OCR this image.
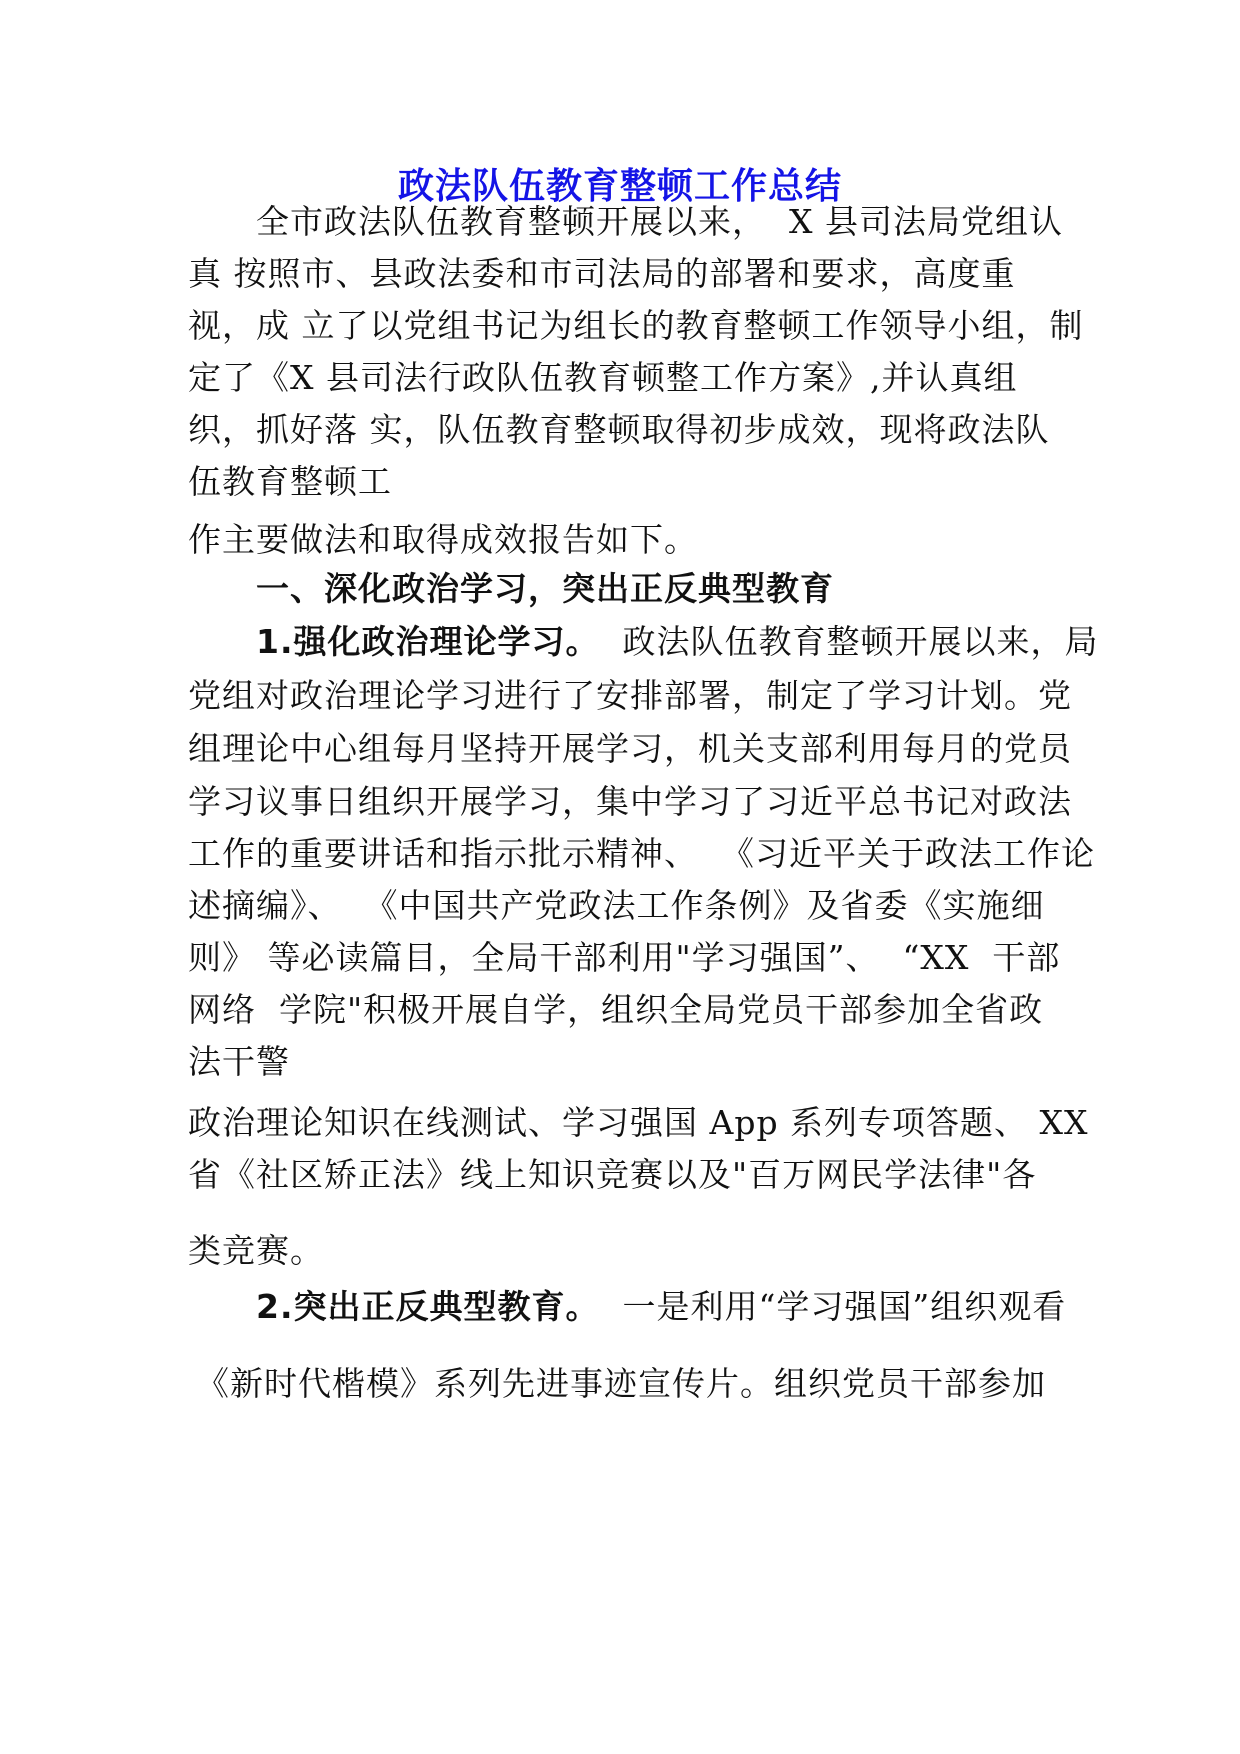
政法队伍教育整顿工作总结
全市政法队伍教育整顿开展以来，  X 县司法局党组认
真 按照市、县政法委和市司法局的部署和要求，高度重
视，成 立了以党组书记为组长的教育整顿工作领导小组，制
定了《X 县司法行政队伍教育顿整工作方案》,并认真组
织，抓好落 实，队伍教育整顿取得初步成效，现将政法队
伍教育整顿工
作主要做法和取得成效报告如下。
一、深化政治学习，突出正反典型教育
1.强化政治理论学习。  政法队伍教育整顿开展以来，局
党组对政治理论学习进行了安排部署，制定了学习计划。党
组理论中心组每月坚持开展学习，机关支部利用每月的党员
学习议事日组织开展学习，集中学习了习近平总书记对政法
工作的重要讲话和指示批示精神、  《习近平关于政法工作论
述摘编》、  《中国共产党政法工作条例》及省委《实施细
则》 等必读篇目，全局干部利用"学习强国”、  “XX  干部
网络  学院"积极开展自学，组织全局党员干部参加全省政
法干警
政治理论知识在线测试、学习强国 App 系列专项答题、 XX
省《社区矫正法》线上知识竞赛以及"百万网民学法律"各
类竞赛。
2.突出正反典型教育。  一是利用“学习强国”组织观看
《新时代楷模》系列先进事迹宣传片。组织党员干部参加
